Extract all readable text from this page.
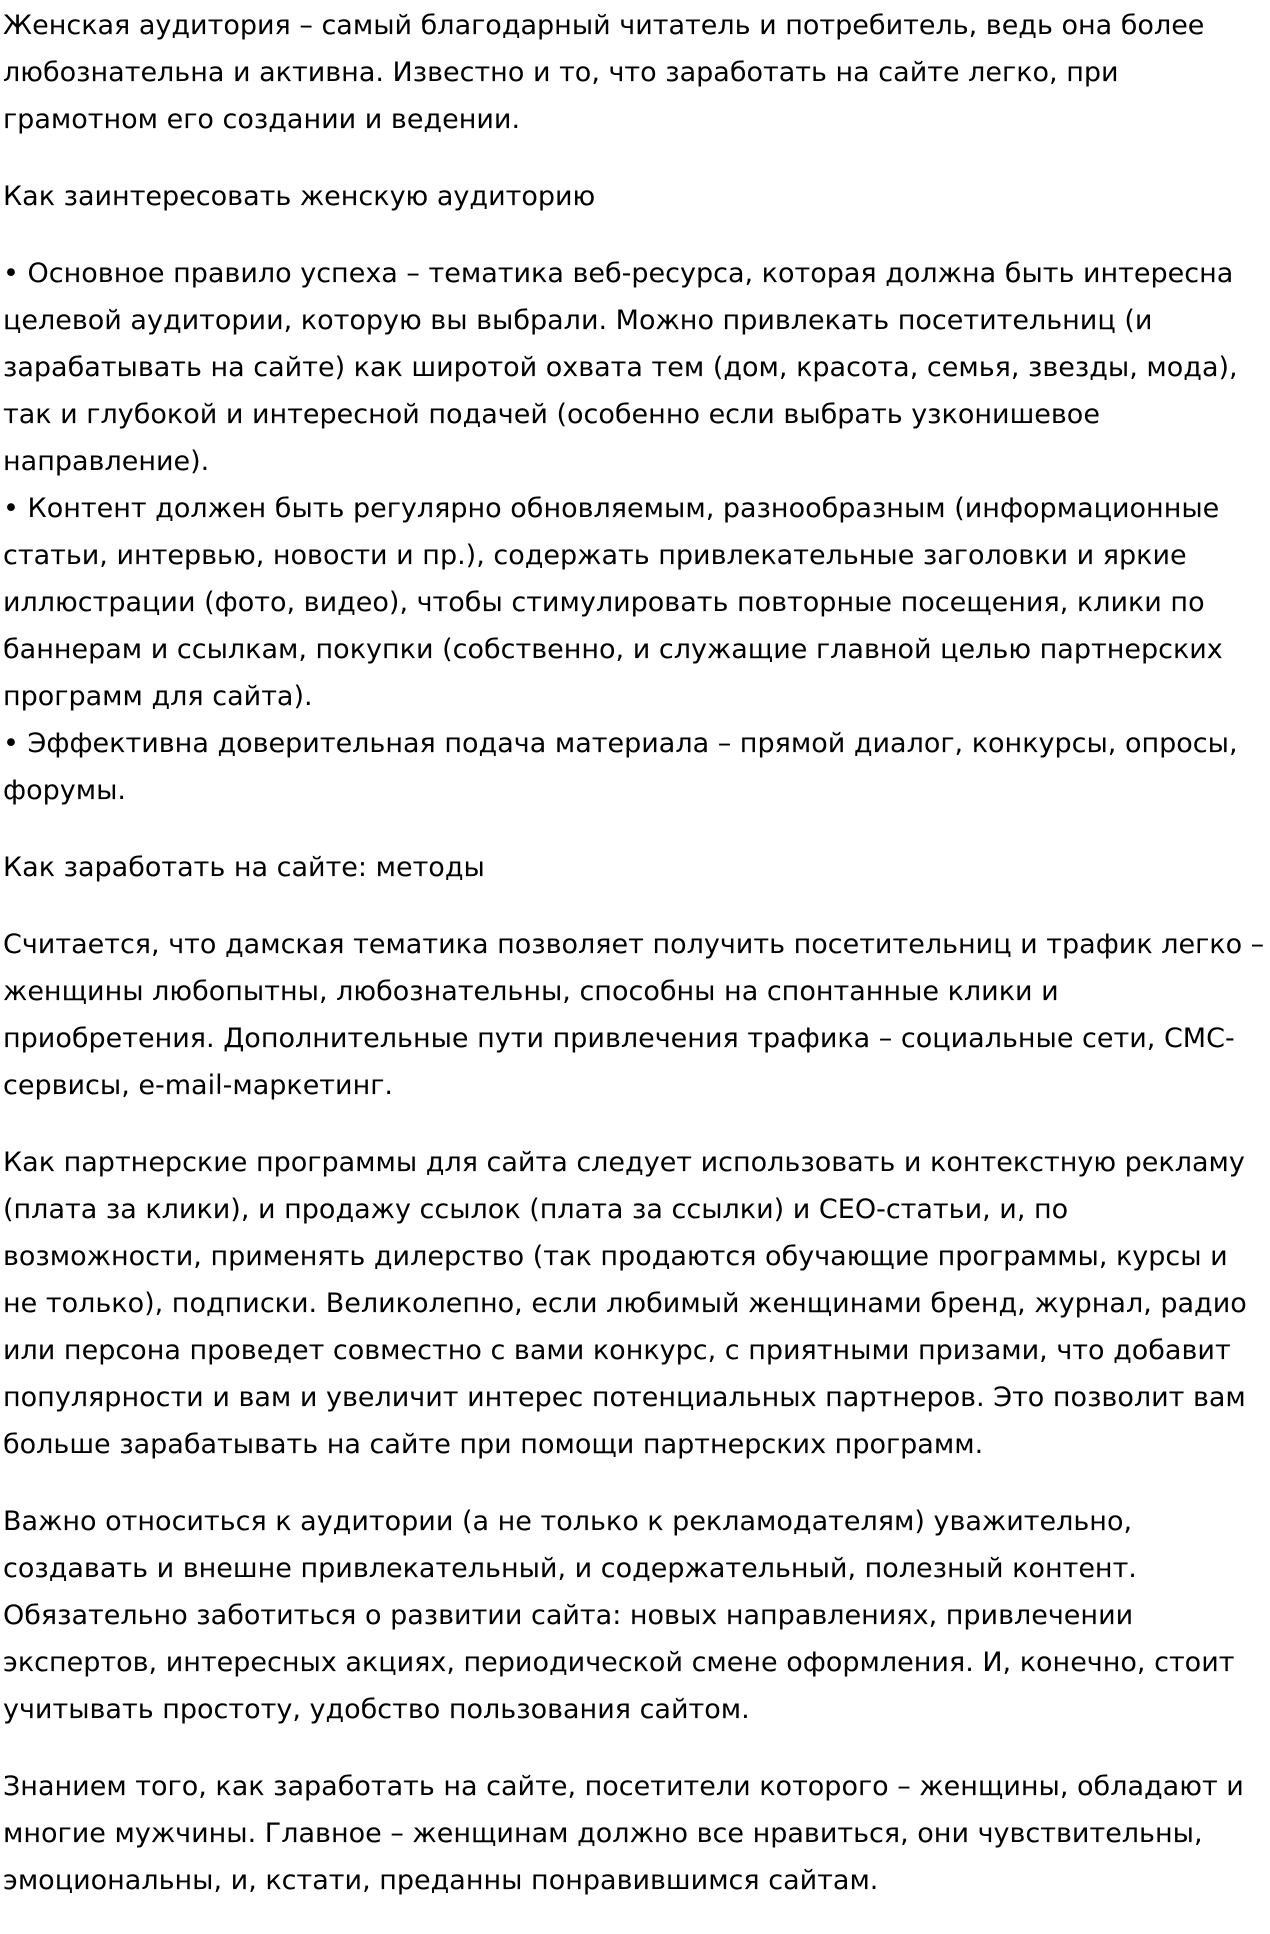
Женская аудитория – самый благодарный читатель и потребитель, ведь она более любознательна и активна. Известно и то, что заработать на сайте легко, при грамотном его создании и ведении.

Как заинтересовать женскую аудиторию

• Основное правило успеха – тематика веб-ресурса, которая должна быть интересна целевой аудитории, которую вы выбрали. Можно привлекать посетительниц (и зарабатывать на сайте) как широтой охвата тем (дом, красота, семья, звезды, мода), так и глубокой и интересной подачей (особенно если выбрать узконишевое направление).
• Контент должен быть регулярно обновляемым, разнообразным (информационные статьи, интервью, новости и пр.), содержать привлекательные заголовки и яркие иллюстрации (фото, видео), чтобы стимулировать повторные посещения, клики по баннерам и ссылкам, покупки (собственно, и служащие главной целью партнерских программ для сайта).
• Эффективна доверительная подача материала – прямой диалог, конкурсы, опросы, форумы.

Как заработать на сайте: методы

Считается, что дамская тематика позволяет получить посетительниц и трафик легко – женщины любопытны, любознательны, способны на спонтанные клики и приобретения. Дополнительные пути привлечения трафика – социальные сети, СМС-сервисы, e-mail-маркетинг.

Как партнерские программы для сайта следует использовать и контекстную рекламу (плата за клики), и продажу ссылок (плата за ссылки) и СЕО-статьи, и, по возможности, применять дилерство (так продаются обучающие программы, курсы и не только), подписки. Великолепно, если любимый женщинами бренд, журнал, радио или персона проведет совместно с вами конкурс, с приятными призами, что добавит популярности и вам и увеличит интерес потенциальных партнеров. Это позволит вам больше зарабатывать на сайте при помощи партнерских программ.

Важно относиться к аудитории (а не только к рекламодателям) уважительно, создавать и внешне привлекательный, и содержательный, полезный контент. Обязательно заботиться о развитии сайта: новых направлениях, привлечении экспертов, интересных акциях, периодической смене оформления. И, конечно, стоит учитывать простоту, удобство пользования сайтом.

Знанием того, как заработать на сайте, посетители которого – женщины, обладают и многие мужчины. Главное – женщинам должно все нравиться, они чувствительны, эмоциональны, и, кстати, преданны понравившимся сайтам.
